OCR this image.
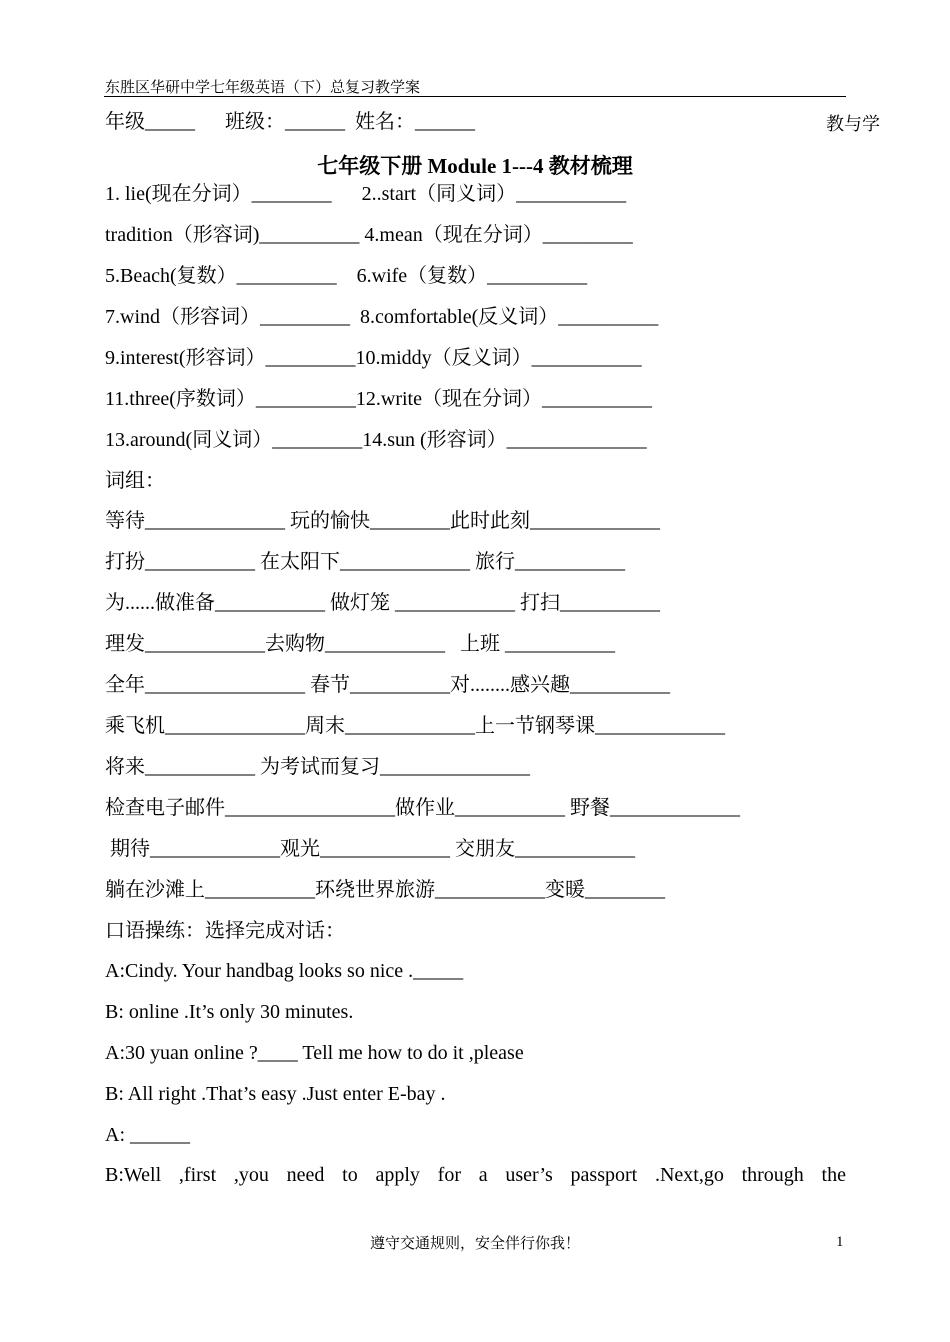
东胜区华研中学七年级英语（下）总复习教学案
年级_____      班级：______  姓名：______	教与学
七年级下册 Module 1---4 教材梳理
1. lie(现在分词）________      2..start（同义词）___________
tradition（形容词)__________ 4.mean（现在分词）_________
5.Beach(复数）__________    6.wife（复数）__________
7.wind（形容词）_________  8.comfortable(反义词）__________
9.interest(形容词）_________10.middy（反义词）___________
11.three(序数词）__________12.write（现在分词）___________
13.around(同义词）_________14.sun (形容词）______________
词组：
等待______________ 玩的愉快________此时此刻_____________
打扮___________ 在太阳下_____________ 旅行___________
为......做准备___________ 做灯笼 ____________ 打扫__________
理发____________去购物____________   上班 ___________
全年________________ 春节__________对........感兴趣__________
乘飞机______________周末_____________上一节钢琴课_____________
将来___________ 为考试而复习_______________
检查电子邮件_________________做作业___________ 野餐_____________
期待_____________观光_____________ 交朋友____________
躺在沙滩上___________环绕世界旅游___________变暖________
口语操练：选择完成对话：
A:Cindy. Your handbag looks so nice ._____
B: online .It’s only 30 minutes.
A:30 yuan online ?____ Tell me how to do it ,please
B: All right .That’s easy .Just enter E-bay .
A: ______
B:Well ,first ,you need to apply for a user’s passport .Next,go through the
遵守交通规则，安全伴行你我！	1
